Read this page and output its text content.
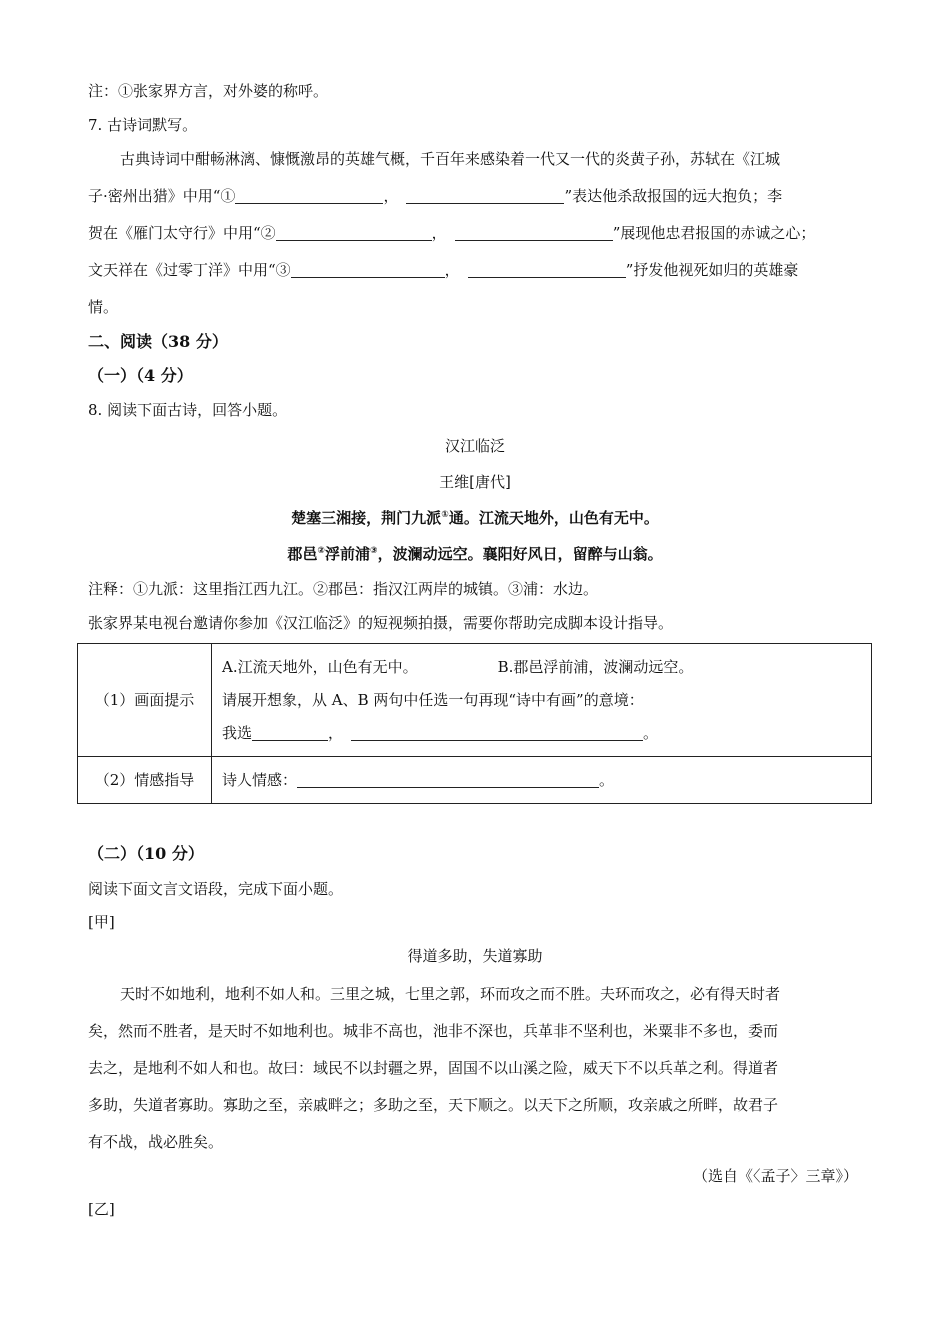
注：①张家界方言，对外婆的称呼。
7. 古诗词默写。
古典诗词中酣畅淋漓、慷慨激昂的英雄气概，千百年来感染着一代又一代的炎黄子孙，苏轼在《江城
子·密州出猎》中用“①	，	”表达他杀敌报国的远大抱负；李
贺在《雁门太守行》中用“②	，	”展现他忠君报国的赤诚之心；
文天祥在《过零丁洋》中用“③	，	”抒发他视死如归的英雄豪
情。
二、阅读（38 分）
（一）（4 分）
8. 阅读下面古诗，回答小题。
汉江临泛
王维[唐代]
楚塞三湘接，荆门九派①通。江流天地外，山色有无中。
郡邑②浮前浦③，波澜动远空。襄阳好风日，留醉与山翁。
注释：①九派：这里指江西九江。②郡邑：指汉江两岸的城镇。③浦：水边。
张家界某电视台邀请你参加《汉江临泛》的短视频拍摄，需要你帮助完成脚本设计指导。
（1）画面提示	A.江流天地外，山色有无中。 B.郡邑浮前浦，波澜动远空。
请展开想象，从 A、B 两句中任选一句再现“诗中有画”的意境：
我选 ， 。

（2）情感指导	诗人情感： 。
（二）（10 分）
阅读下面文言文语段，完成下面小题。
[甲]
得道多助，失道寡助
天时不如地利，地利不如人和。三里之城，七里之郭，环而攻之而不胜。夫环而攻之，必有得天时者
矣，然而不胜者，是天时不如地利也。城非不高也，池非不深也，兵革非不坚利也，米粟非不多也，委而
去之，是地利不如人和也。故曰：域民不以封疆之界，固国不以山溪之险，威天下不以兵革之利。得道者
多助，失道者寡助。寡助之至，亲戚畔之；多助之至，天下顺之。以天下之所顺，攻亲戚之所畔，故君子
有不战，战必胜矣。
（选自《〈孟子〉三章》）
[乙]
